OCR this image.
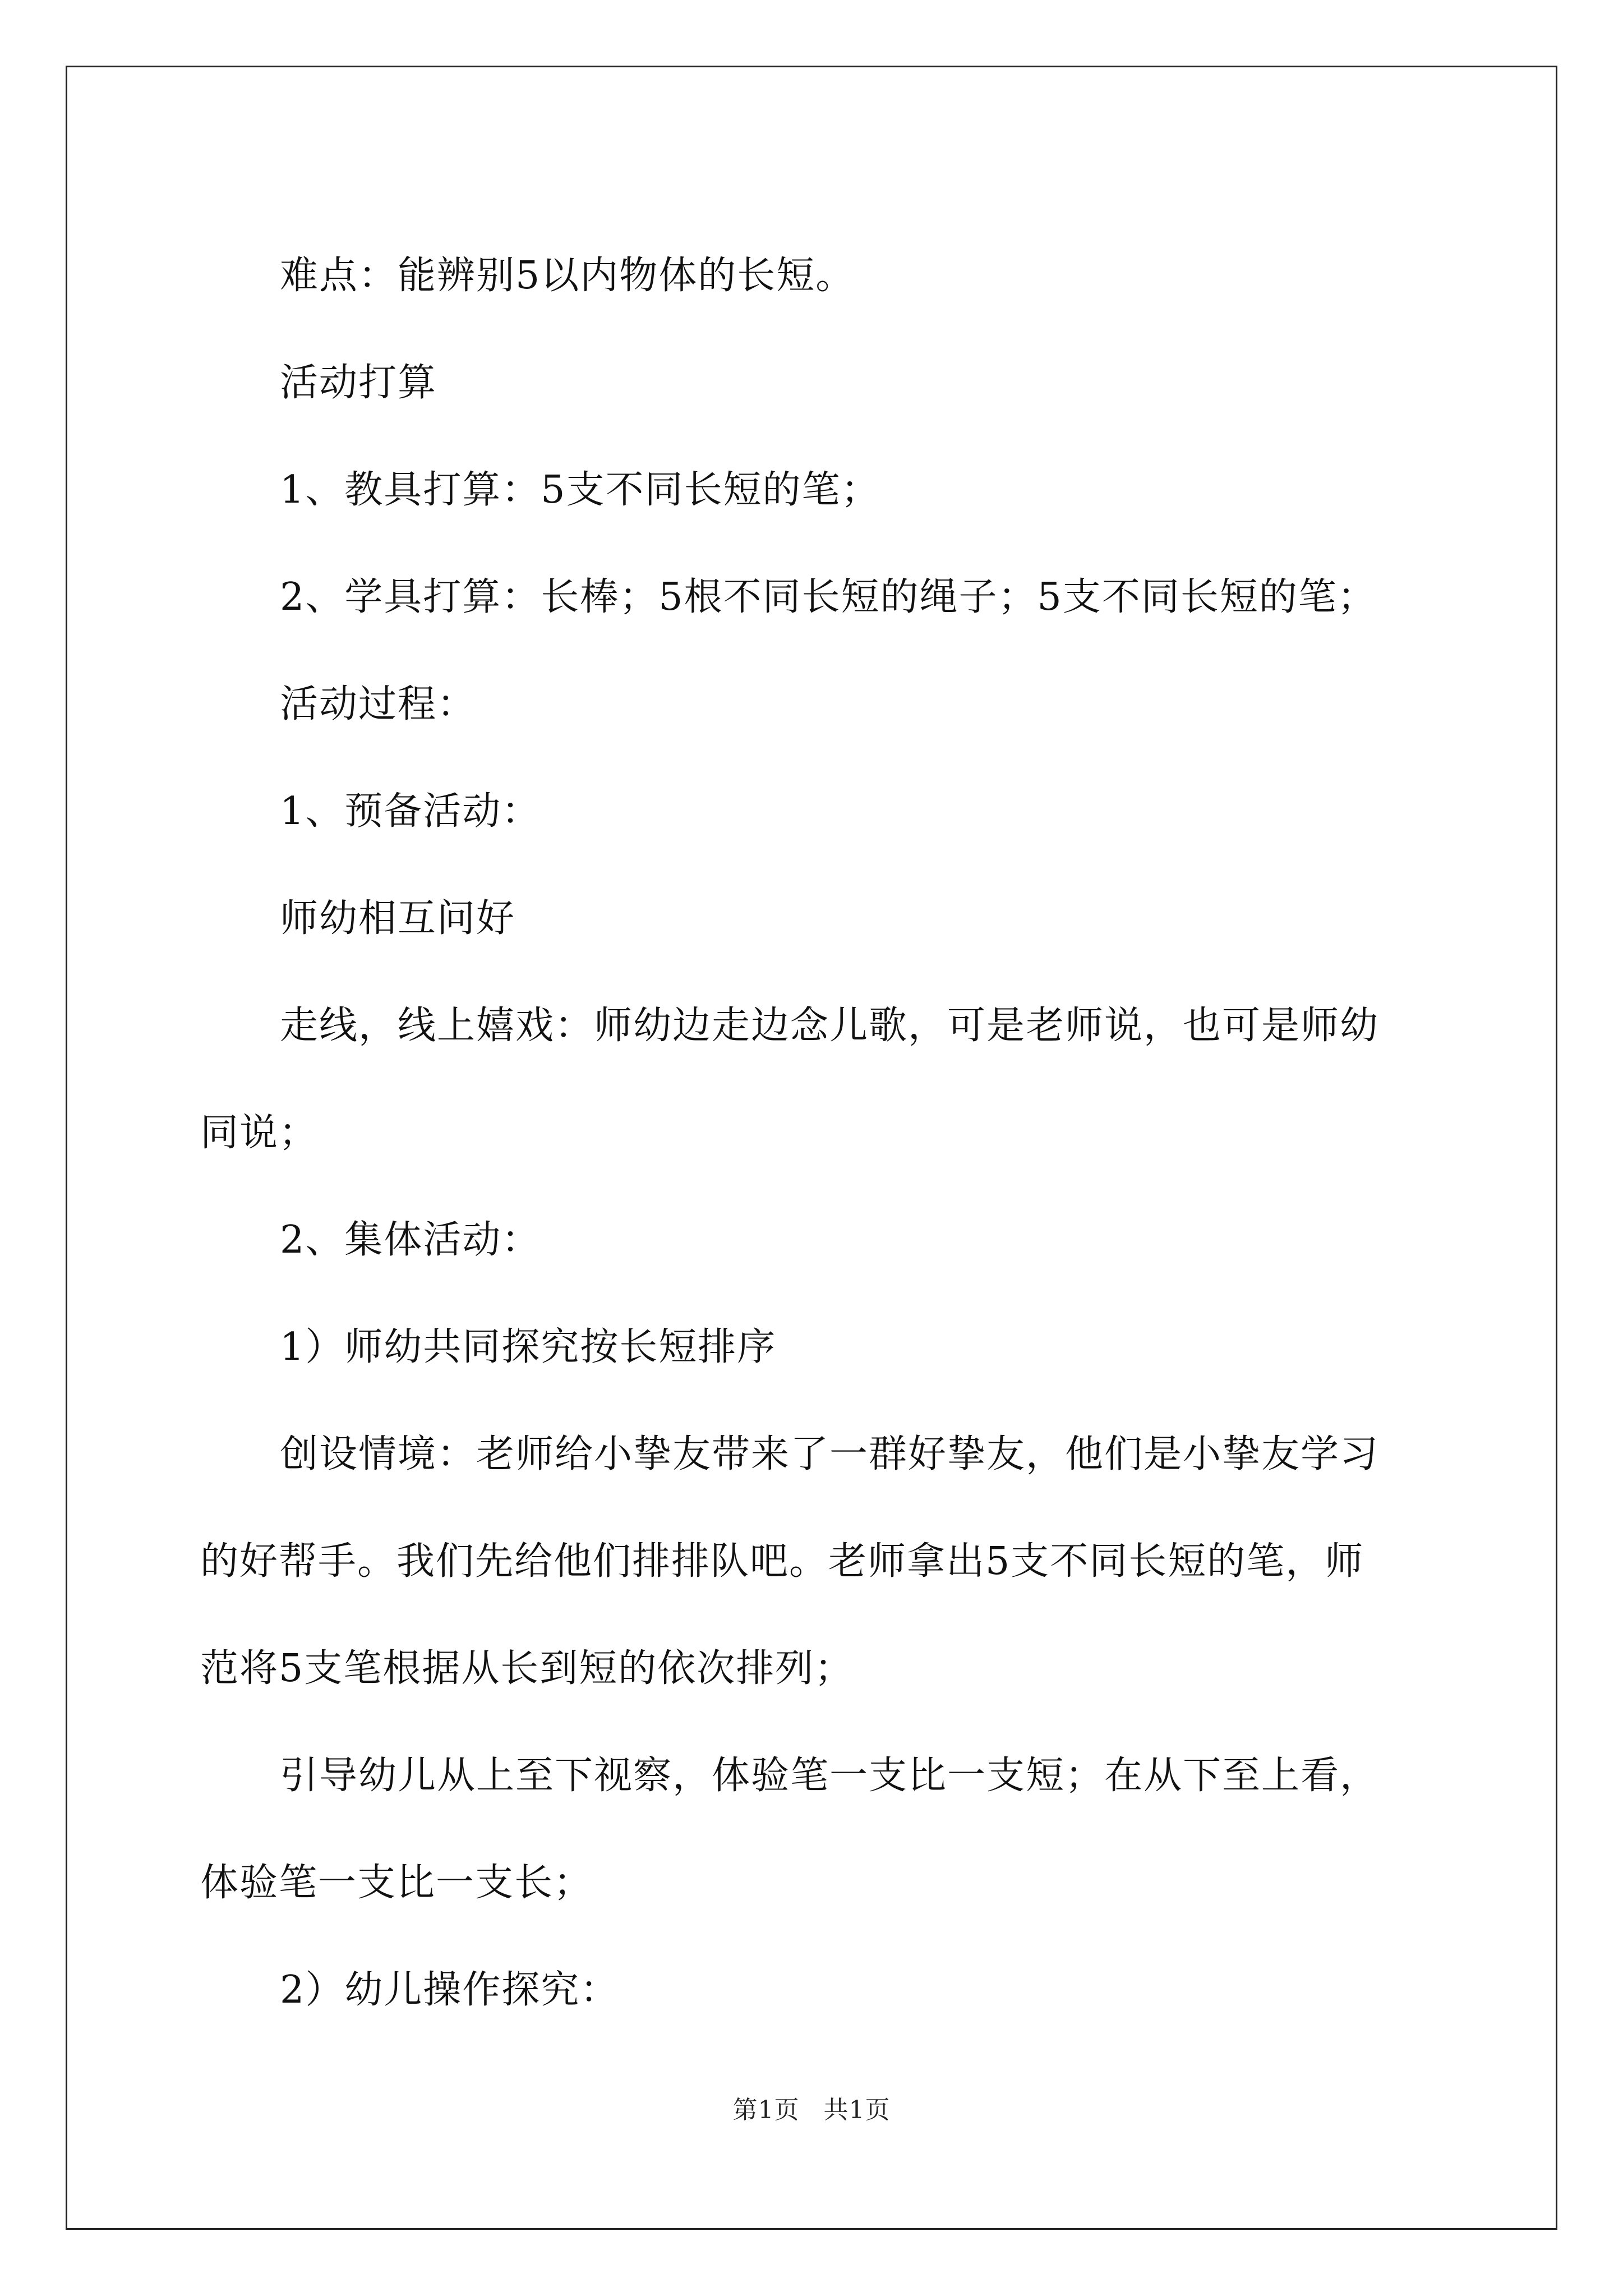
难点：能辨别5以内物体的长短。
活动打算
1、教具打算：5支不同长短的笔；
2、学具打算：长棒；5根不同长短的绳子；5支不同长短的笔；
活动过程：
1、预备活动：
师幼相互问好
走线，线上嬉戏：师幼边走边念儿歌，可是老师说，也可是师幼
同说；
2、集体活动：
1）师幼共同探究按长短排序
创设情境：老师给小挚友带来了一群好挚友，他们是小挚友学习
的好帮手。我们先给他们排排队吧。老师拿出5支不同长短的笔，师
范将5支笔根据从长到短的依次排列；
引导幼儿从上至下视察，体验笔一支比一支短；在从下至上看，
体验笔一支比一支长；
2）幼儿操作探究：
第1页 共1页
